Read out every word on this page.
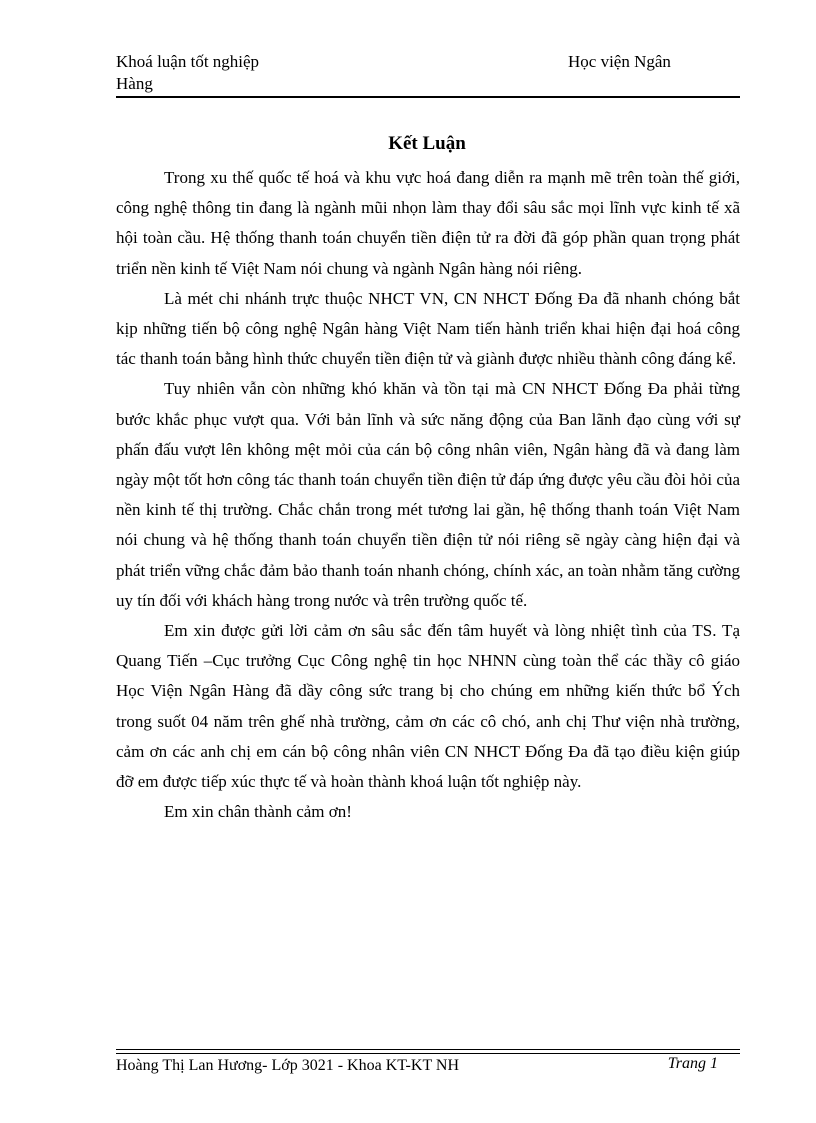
Khoá luận tốt nghiệp	Học viện Ngân
Hàng
Kết Luận

Trong xu thế quốc tế hoá và khu vực hoá đang diễn ra mạnh mẽ trên toàn thế giới, công nghệ thông tin đang là ngành mũi nhọn làm thay đổi sâu sắc mọi lĩnh vực kinh tế xã hội toàn cầu. Hệ thống thanh toán chuyển tiền điện tử ra đời đã góp phần quan trọng phát triển nền kinh tế Việt Nam nói chung và ngành Ngân hàng nói riêng.

Là mét chi nhánh trực thuộc NHCT VN, CN NHCT Đống Đa đã nhanh chóng bắt kịp những tiến bộ công nghệ Ngân hàng Việt Nam tiến hành triển khai hiện đại hoá công tác thanh toán bằng hình thức chuyển tiền điện tử và giành được nhiều thành công đáng kể.

Tuy nhiên vẫn còn những khó khăn và tồn tại mà CN NHCT Đống Đa phải từng bước khắc phục vượt qua. Với bản lĩnh và sức năng động của Ban lãnh đạo cùng với sự phấn đấu vượt lên không mệt mỏi của cán bộ công nhân viên, Ngân hàng đã và đang làm ngày một tốt hơn công tác thanh toán chuyển tiền điện tử đáp ứng được yêu cầu đòi hỏi của nền kinh tế thị trường. Chắc chắn trong mét tương lai gần, hệ thống thanh toán Việt Nam nói chung và hệ thống thanh toán chuyển tiền điện tử nói riêng sẽ ngày càng hiện đại và phát triển vững chắc đảm bảo thanh toán nhanh chóng, chính xác, an toàn nhằm tăng cường uy tín đối với khách hàng trong nước và trên trường quốc tế.

Em xin được gửi lời cảm ơn sâu sắc đến tâm huyết và lòng nhiệt tình của TS. Tạ Quang Tiến –Cục trưởng Cục Công nghệ tin học NHNN cùng toàn thể các thầy cô giáo Học Viện Ngân Hàng đã dầy công sức trang bị cho chúng em những kiến thức bổ Ých trong suốt 04 năm trên ghế nhà trường, cảm ơn các cô chó, anh chị Thư viện nhà trường, cảm ơn các anh chị em cán bộ công nhân viên CN NHCT Đống Đa đã tạo điều kiện giúp đỡ em được tiếp xúc thực tế và hoàn thành khoá luận tốt nghiệp này.

Em xin chân thành cảm ơn!

Hoàng Thị Lan Hương- Lớp 3021 - Khoa KT-KT NH	Trang 1
